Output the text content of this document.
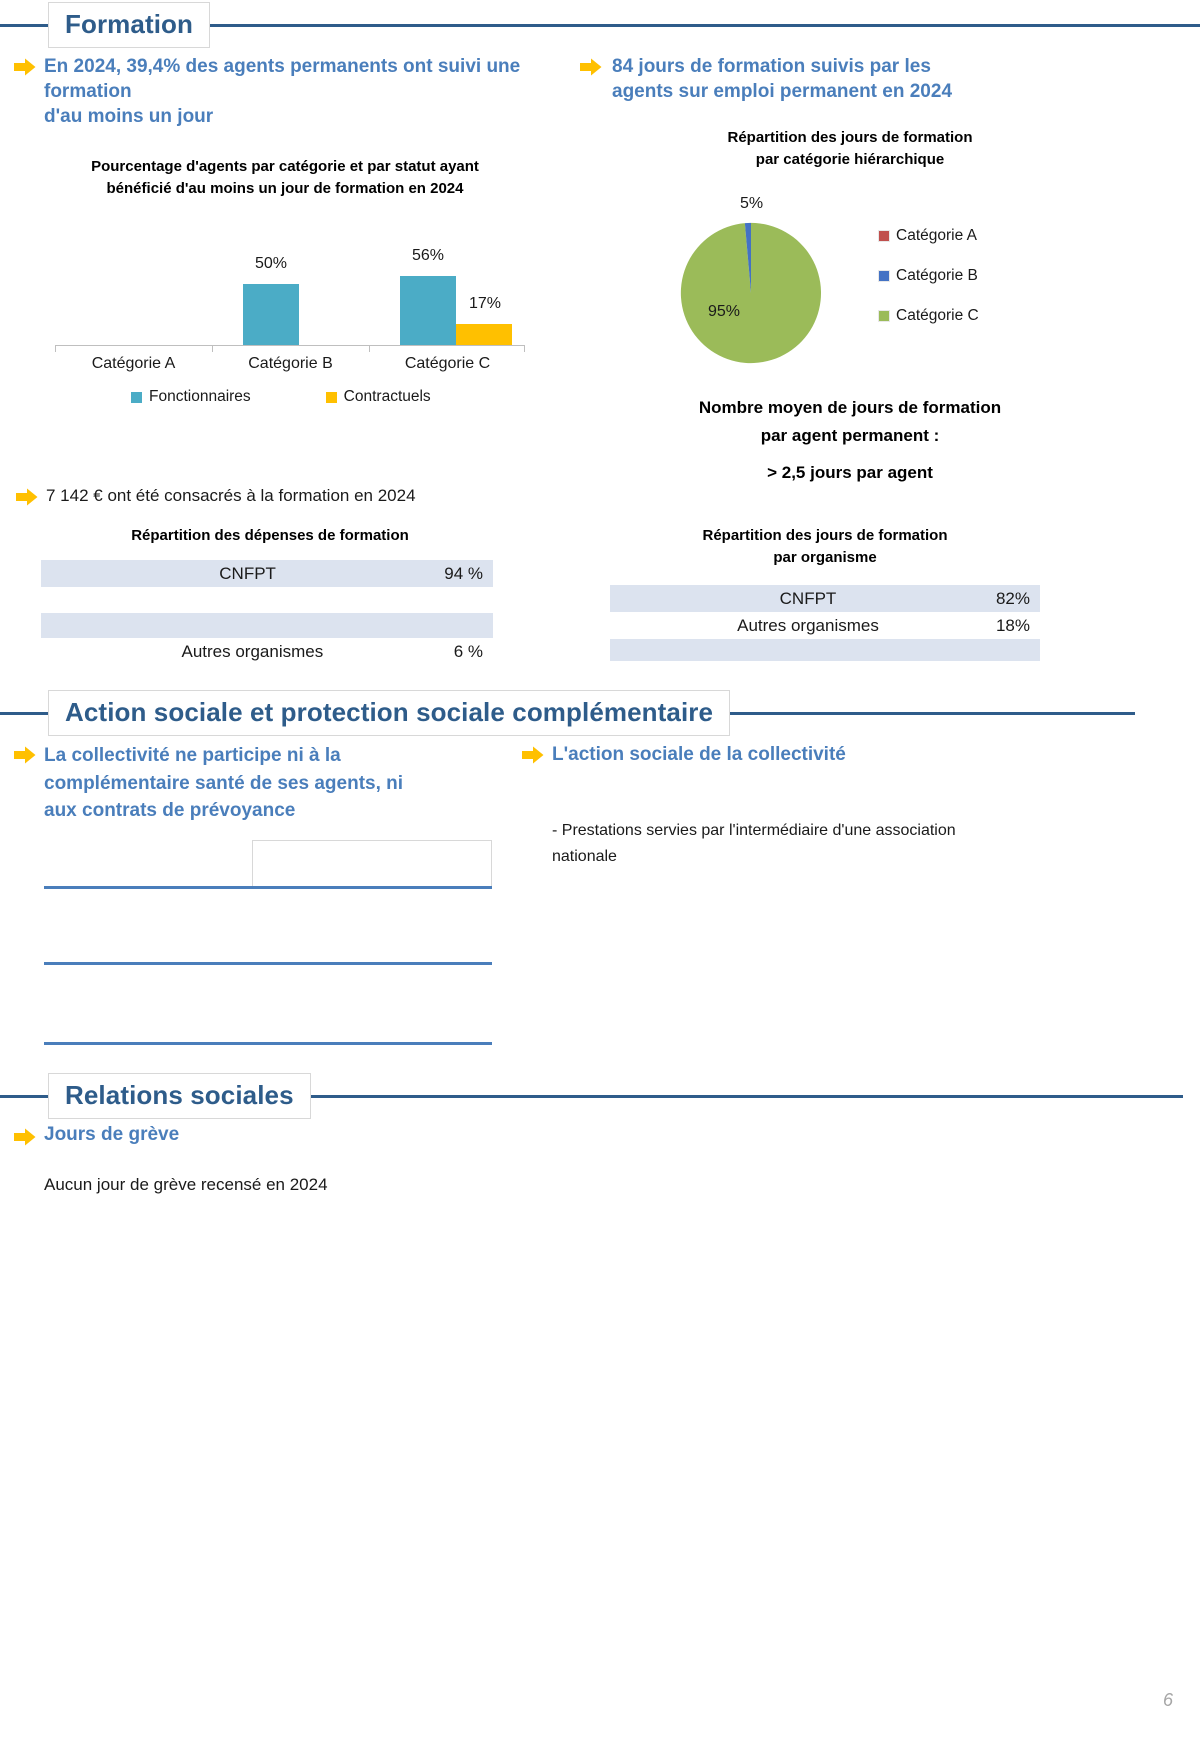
Formation
En 2024, 39,4% des agents permanents ont suivi une
formation
d'au moins un jour
84 jours de formation suivis par les
agents sur emploi permanent en 2024
Pourcentage d'agents par catégorie et par statut ayant
bénéficié d'au moins un jour de formation en 2024
50%	56%
17%
Catégorie A	Catégorie B	Catégorie C
Fonctionnaires	Contractuels
7 142 € ont été consacrés à la formation en 2024
Répartition des jours de formation
par catégorie hiérarchique
5%
95%
Catégorie A
Catégorie B
Catégorie C
Nombre moyen de jours de formation
par agent permanent :
> 2,5 jours par agent
Répartition des dépenses de formation
CNFPT	94 %
Autres organismes	6 %
Répartition des jours de formation
par organisme
CNFPT	82%
Autres organismes	18%
Action sociale et protection sociale complémentaire
La collectivité ne participe ni à la
complémentaire santé de ses agents, ni
aux contrats de prévoyance
L'action sociale de la collectivité
- Prestations servies par l'intermédiaire d'une association
nationale
Relations sociales
Jours de grève
Aucun jour de grève recensé en 2024
6
